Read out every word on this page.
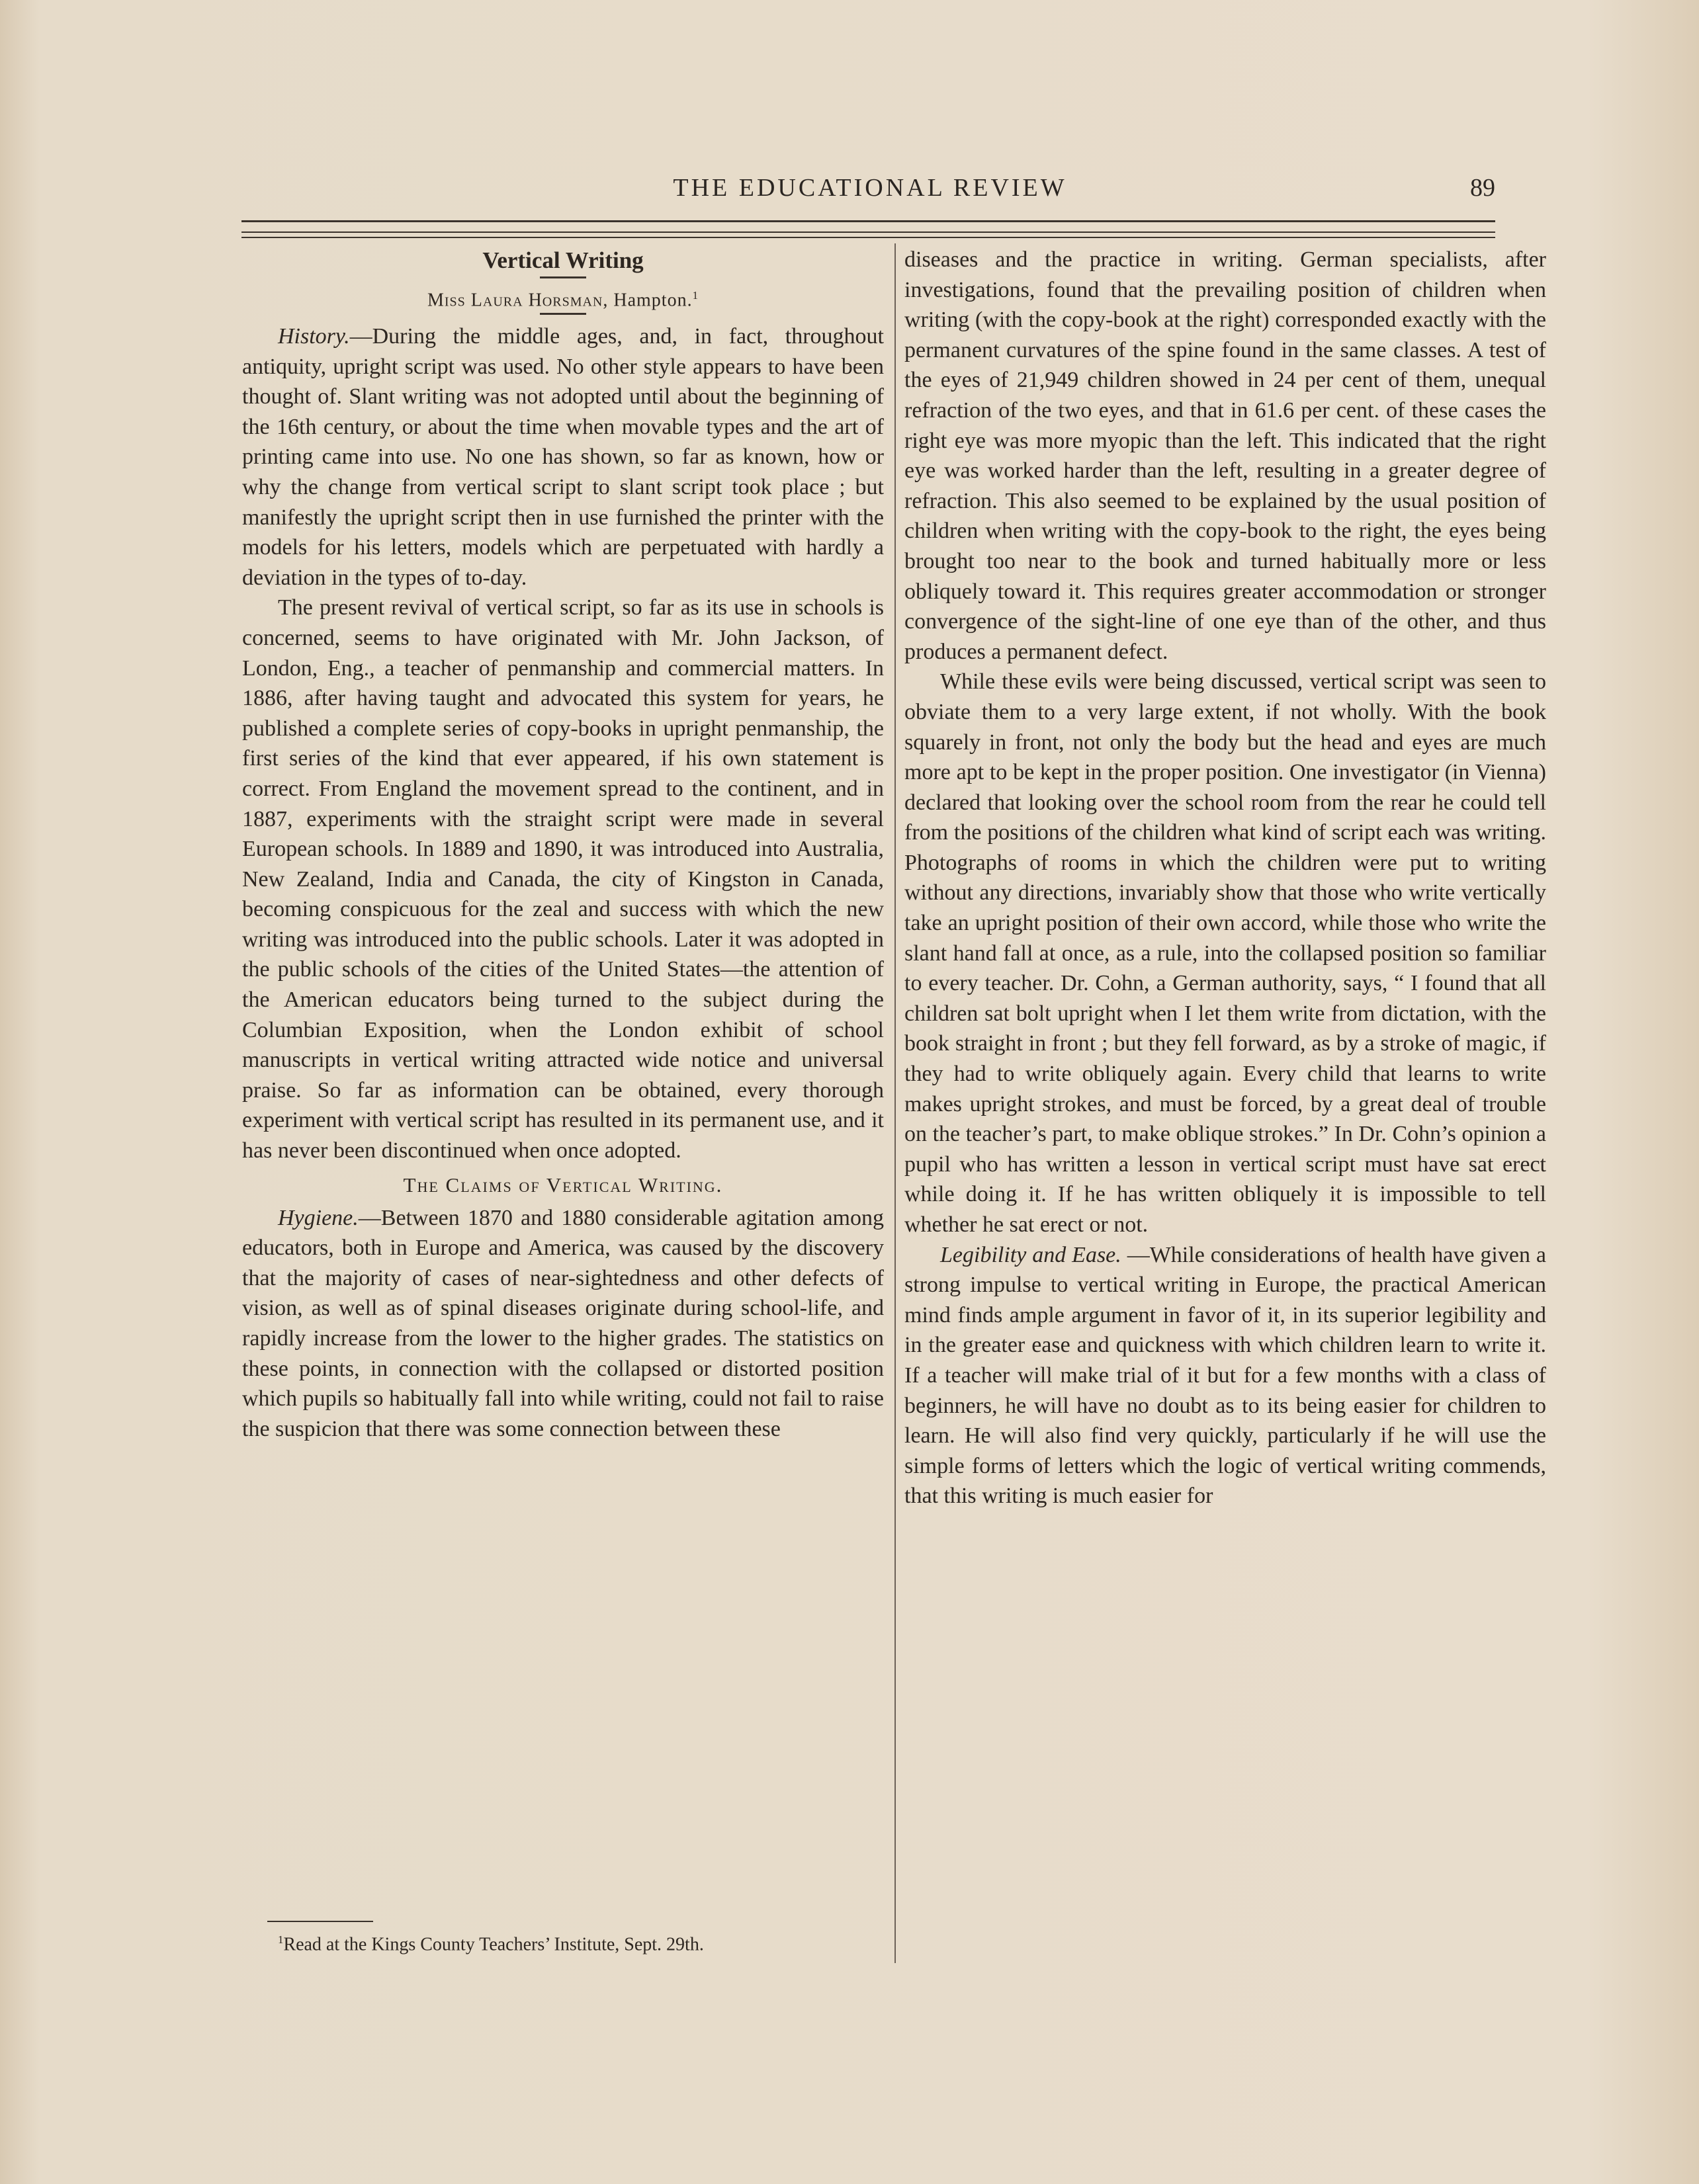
THE EDUCATIONAL REVIEW	89
Vertical Writing

Miss Laura Horsman, Hampton.$^1$

History.—During the middle ages, and, in fact, throughout antiquity, upright script was used. No other style appears to have been thought of. Slant writing was not adopted until about the beginning of the 16th century, or about the time when movable types and the art of printing came into use. No one has shown, so far as known, how or why the change from vertical script to slant script took place ; but manifestly the upright script then in use furnished the printer with the models for his letters, models which are perpetuated with hardly a deviation in the types of to-day.

The present revival of vertical script, so far as its use in schools is concerned, seems to have originated with Mr. John Jackson, of London, Eng., a teacher of penmanship and commercial matters. In 1886, after having taught and advocated this system for years, he published a complete series of copy-books in upright penmanship, the first series of the kind that ever appeared, if his own statement is correct. From England the movement spread to the continent, and in 1887, experiments with the straight script were made in several European schools. In 1889 and 1890, it was introduced into Australia, New Zealand, India and Canada, the city of Kingston in Canada, becoming conspicuous for the zeal and success with which the new writing was introduced into the public schools. Later it was adopted in the public schools of the cities of the United States—the attention of the American educators being turned to the subject during the Columbian Exposition, when the London exhibit of school manuscripts in vertical writing attracted wide notice and universal praise. So far as information can be obtained, every thorough experiment with vertical script has resulted in its permanent use, and it has never been discontinued when once adopted.

The Claims of Vertical Writing.

Hygiene.—Between 1870 and 1880 considerable agitation among educators, both in Europe and America, was caused by the discovery that the majority of cases of near-sightedness and other defects of vision, as well as of spinal diseases originate during school-life, and rapidly increase from the lower to the higher grades. The statistics on these points, in connection with the collapsed or distorted position which pupils so habitually fall into while writing, could not fail to raise the suspicion that there was some connection between these

diseases and the practice in writing. German specialists, after investigations, found that the prevailing position of children when writing (with the copy-book at the right) corresponded exactly with the permanent curvatures of the spine found in the same classes. A test of the eyes of 21,949 children showed in 24 per cent of them, unequal refraction of the two eyes, and that in 61.6 per cent. of these cases the right eye was more myopic than the left. This indicated that the right eye was worked harder than the left, resulting in a greater degree of refraction. This also seemed to be explained by the usual position of children when writing with the copy-book to the right, the eyes being brought too near to the book and turned habitually more or less obliquely toward it. This requires greater accommodation or stronger convergence of the sight-line of one eye than of the other, and thus produces a permanent defect.

While these evils were being discussed, vertical script was seen to obviate them to a very large extent, if not wholly. With the book squarely in front, not only the body but the head and eyes are much more apt to be kept in the proper position. One investigator (in Vienna) declared that looking over the school room from the rear he could tell from the positions of the children what kind of script each was writing. Photographs of rooms in which the children were put to writing without any directions, invariably show that those who write vertically take an upright position of their own accord, while those who write the slant hand fall at once, as a rule, into the collapsed position so familiar to every teacher. Dr. Cohn, a German authority, says, “ I found that all children sat bolt upright when I let them write from dictation, with the book straight in front ; but they fell forward, as by a stroke of magic, if they had to write obliquely again. Every child that learns to write makes upright strokes, and must be forced, by a great deal of trouble on the teacher’s part, to make oblique strokes.” In Dr. Cohn’s opinion a pupil who has written a lesson in vertical script must have sat erect while doing it. If he has written obliquely it is impossible to tell whether he sat erect or not.

Legibility and Ease. —While considerations of health have given a strong impulse to vertical writing in Europe, the practical American mind finds ample argument in favor of it, in its superior legibility and in the greater ease and quickness with which children learn to write it. If a teacher will make trial of it but for a few months with a class of beginners, he will have no doubt as to its being easier for children to learn. He will also find very quickly, particularly if he will use the simple forms of letters which the logic of vertical writing commends, that this writing is much easier for

$^1$Read at the Kings County Teachers’ Institute, Sept. 29th.
